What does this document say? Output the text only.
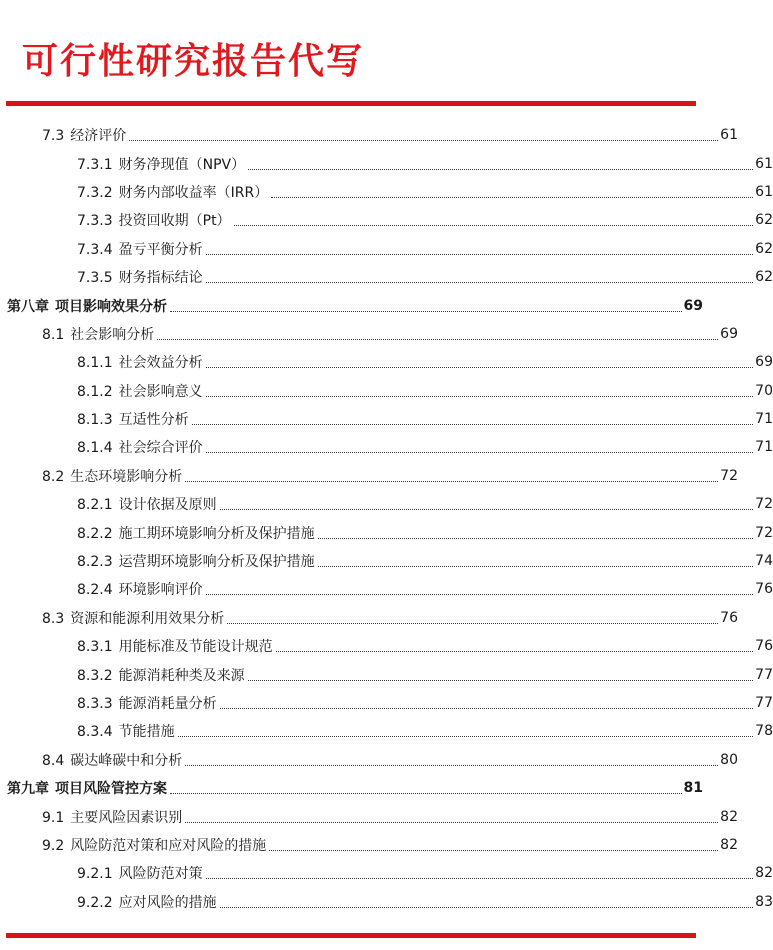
可行性研究报告代写
7.3 经济评价	61
7.3.1 财务净现值（NPV）	61
7.3.2 财务内部收益率（IRR）	61
7.3.3 投资回收期（Pt）	62
7.3.4 盈亏平衡分析	62
7.3.5 财务指标结论	62
第八章 项目影响效果分析	69
8.1 社会影响分析	69
8.1.1 社会效益分析	69
8.1.2 社会影响意义	70
8.1.3 互适性分析	71
8.1.4 社会综合评价	71
8.2 生态环境影响分析	72
8.2.1 设计依据及原则	72
8.2.2 施工期环境影响分析及保护措施	72
8.2.3 运营期环境影响分析及保护措施	74
8.2.4 环境影响评价	76
8.3 资源和能源利用效果分析	76
8.3.1 用能标准及节能设计规范	76
8.3.2 能源消耗种类及来源	77
8.3.3 能源消耗量分析	77
8.3.4 节能措施	78
8.4 碳达峰碳中和分析	80
第九章 项目风险管控方案	81
9.1 主要风险因素识别	82
9.2 风险防范对策和应对风险的措施	82
9.2.1 风险防范对策	82
9.2.2 应对风险的措施	83
